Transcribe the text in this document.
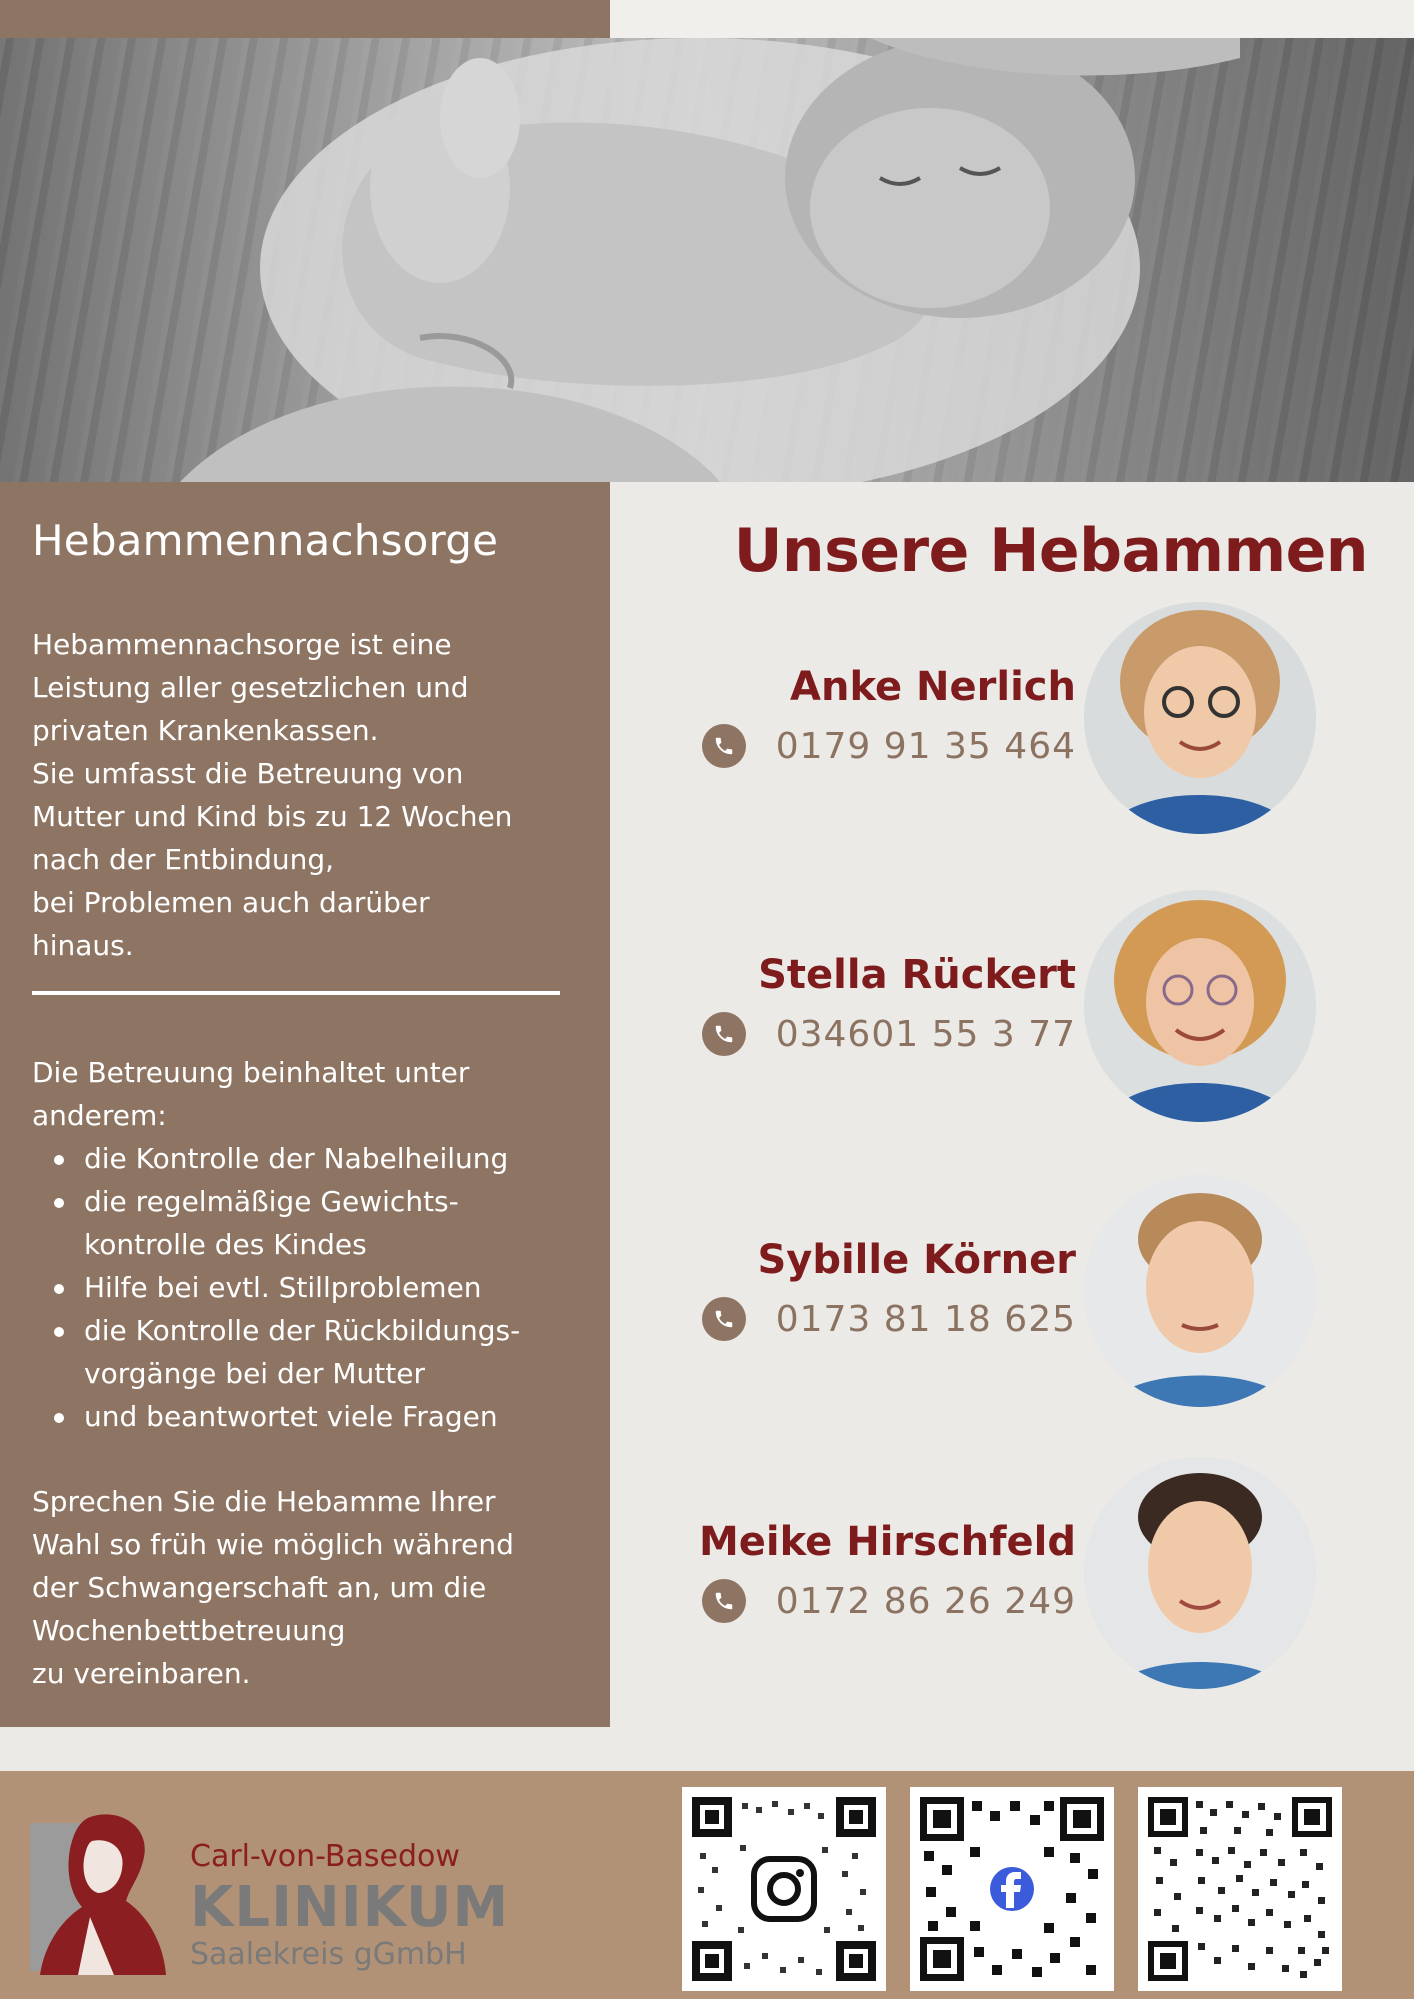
Hebammennachsorge
Hebammennachsorge ist eine
Leistung aller gesetzlichen und
privaten Krankenkassen.
Sie umfasst die Betreuung von
Mutter und Kind bis zu 12 Wochen
nach der Entbindung,
bei Problemen auch darüber
hinaus.
Die Betreuung beinhaltet unter
anderem:
die Kontrolle der Nabelheilung
die regelmäßige Gewichts-
kontrolle des Kindes
Hilfe bei evtl. Stillproblemen
die Kontrolle der Rückbildungs-
vorgänge bei der Mutter
und beantwortet viele Fragen
Sprechen Sie die Hebamme Ihrer
Wahl so früh wie möglich während
der Schwangerschaft an, um die
Wochenbettbetreuung
zu vereinbaren.
Unsere Hebammen
Anke Nerlich
0179 91 35 464
Stella Rückert
034601 55 3 77
Sybille Körner
0173 81 18 625
Meike Hirschfeld
0172 86 26 249
Carl-von-Basedow
KLINIKUM
Saalekreis gGmbH
